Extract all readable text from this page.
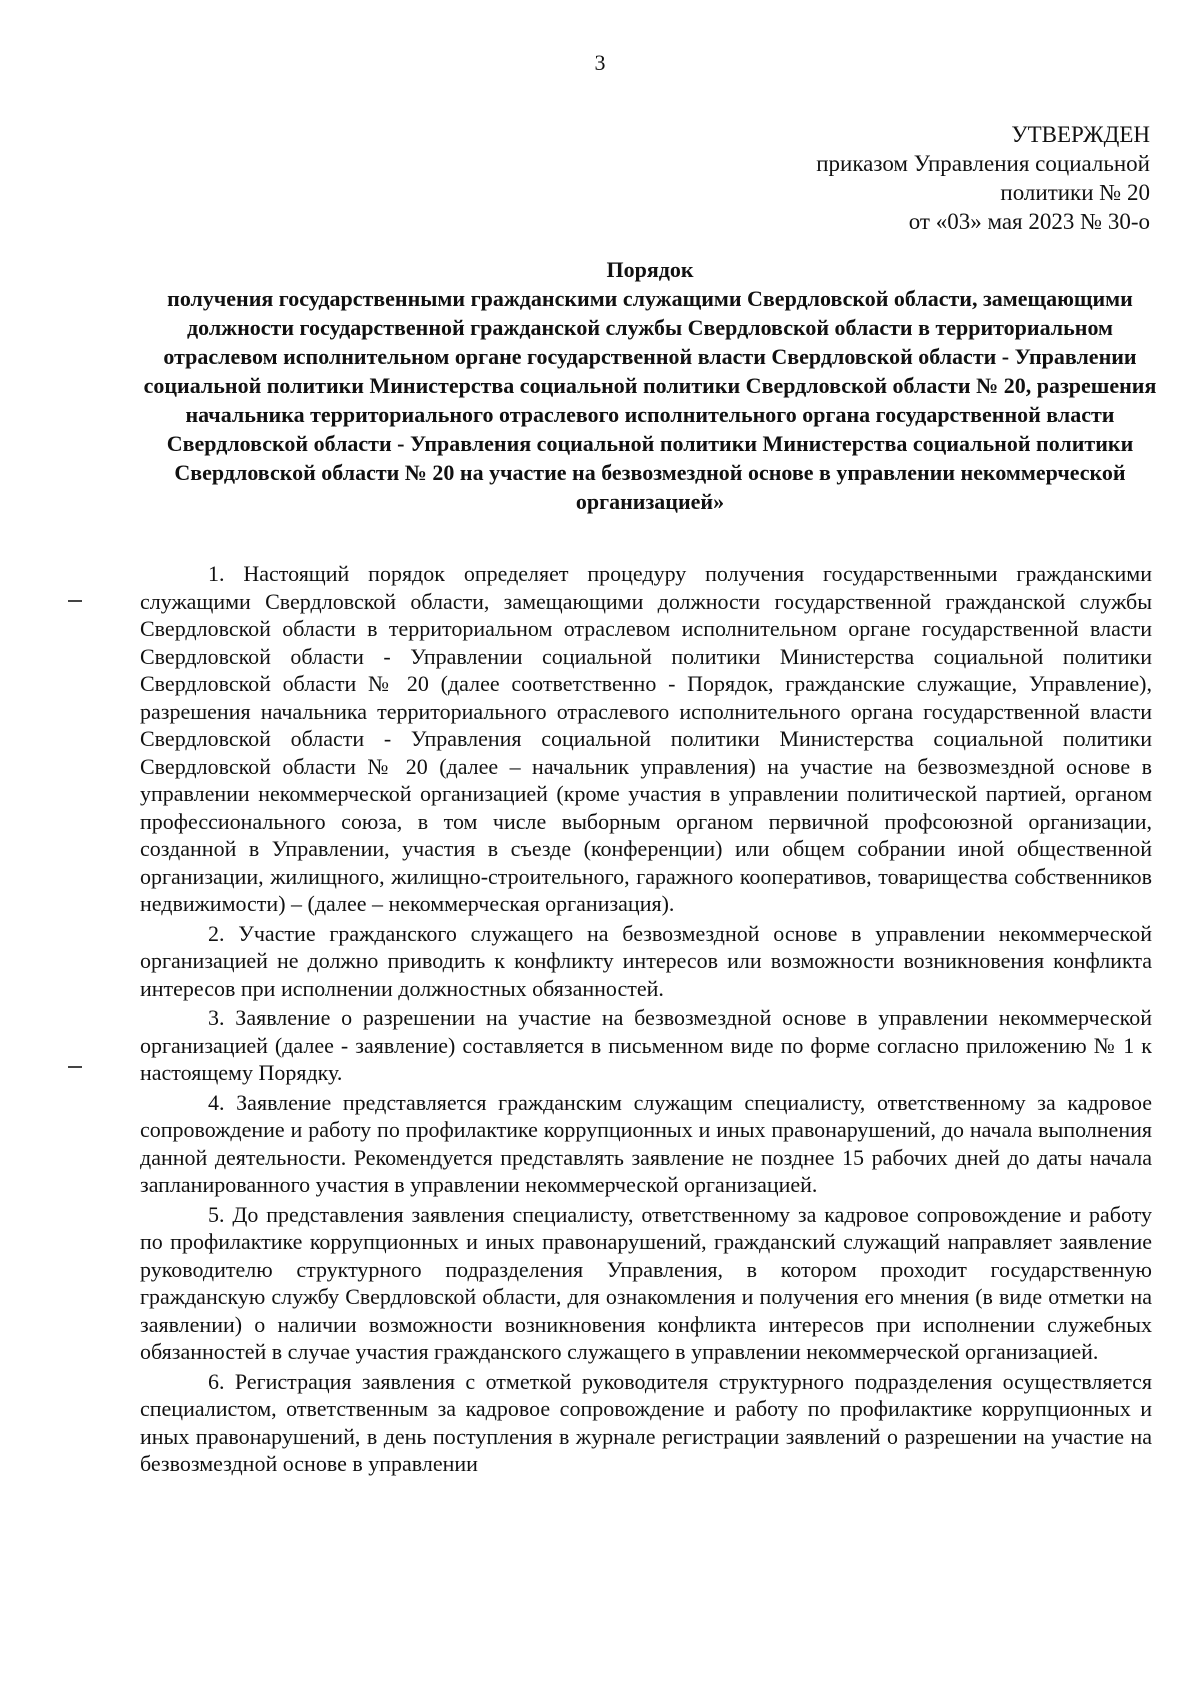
3
УТВЕРЖДЕН
приказом Управления социальной
политики № 20
от «03» мая 2023 № 30-о
Порядок
получения государственными гражданскими служащими Свердловской области, замещающими должности государственной гражданской службы Свердловской области в территориальном отраслевом исполнительном органе государственной власти Свердловской области - Управлении социальной политики Министерства социальной политики Свердловской области № 20, разрешения начальника территориального отраслевого исполнительного органа государственной власти Свердловской области - Управления социальной политики Министерства социальной политики Свердловской области № 20 на участие на безвозмездной основе в управлении некоммерческой организацией»

1. Настоящий порядок определяет процедуру получения государственными гражданскими служащими Свердловской области, замещающими должности государственной гражданской службы Свердловской области в территориальном отраслевом исполнительном органе государственной власти Свердловской области - Управлении социальной политики Министерства социальной политики Свердловской области № 20 (далее соответственно - Порядок, гражданские служащие, Управление), разрешения начальника территориального отраслевого исполнительного органа государственной власти Свердловской области - Управления социальной политики Министерства социальной политики Свердловской области № 20 (далее – начальник управления) на участие на безвозмездной основе в управлении некоммерческой организацией (кроме участия в управлении политической партией, органом профессионального союза, в том числе выборным органом первичной профсоюзной организации, созданной в Управлении, участия в съезде (конференции) или общем собрании иной общественной организации, жилищного, жилищно-строительного, гаражного кооперативов, товарищества собственников недвижимости) – (далее – некоммерческая организация).

2. Участие гражданского служащего на безвозмездной основе в управлении некоммерческой организацией не должно приводить к конфликту интересов или возможности возникновения конфликта интересов при исполнении должностных обязанностей.

3. Заявление о разрешении на участие на безвозмездной основе в управлении некоммерческой организацией (далее - заявление) составляется в письменном виде по форме согласно приложению № 1 к настоящему Порядку.

4. Заявление представляется гражданским служащим специалисту, ответственному за кадровое сопровождение и работу по профилактике коррупционных и иных правонарушений, до начала выполнения данной деятельности. Рекомендуется представлять заявление не позднее 15 рабочих дней до даты начала запланированного участия в управлении некоммерческой организацией.

5. До представления заявления специалисту, ответственному за кадровое сопровождение и работу по профилактике коррупционных и иных правонарушений, гражданский служащий направляет заявление руководителю структурного подразделения Управления, в котором проходит государственную гражданскую службу Свердловской области, для ознакомления и получения его мнения (в виде отметки на заявлении) о наличии возможности возникновения конфликта интересов при исполнении служебных обязанностей в случае участия гражданского служащего в управлении некоммерческой организацией.

6. Регистрация заявления с отметкой руководителя структурного подразделения осуществляется специалистом, ответственным за кадровое сопровождение и работу по профилактике коррупционных и иных правонарушений, в день поступления в журнале регистрации заявлений о разрешении на участие на безвозмездной основе в управлении
